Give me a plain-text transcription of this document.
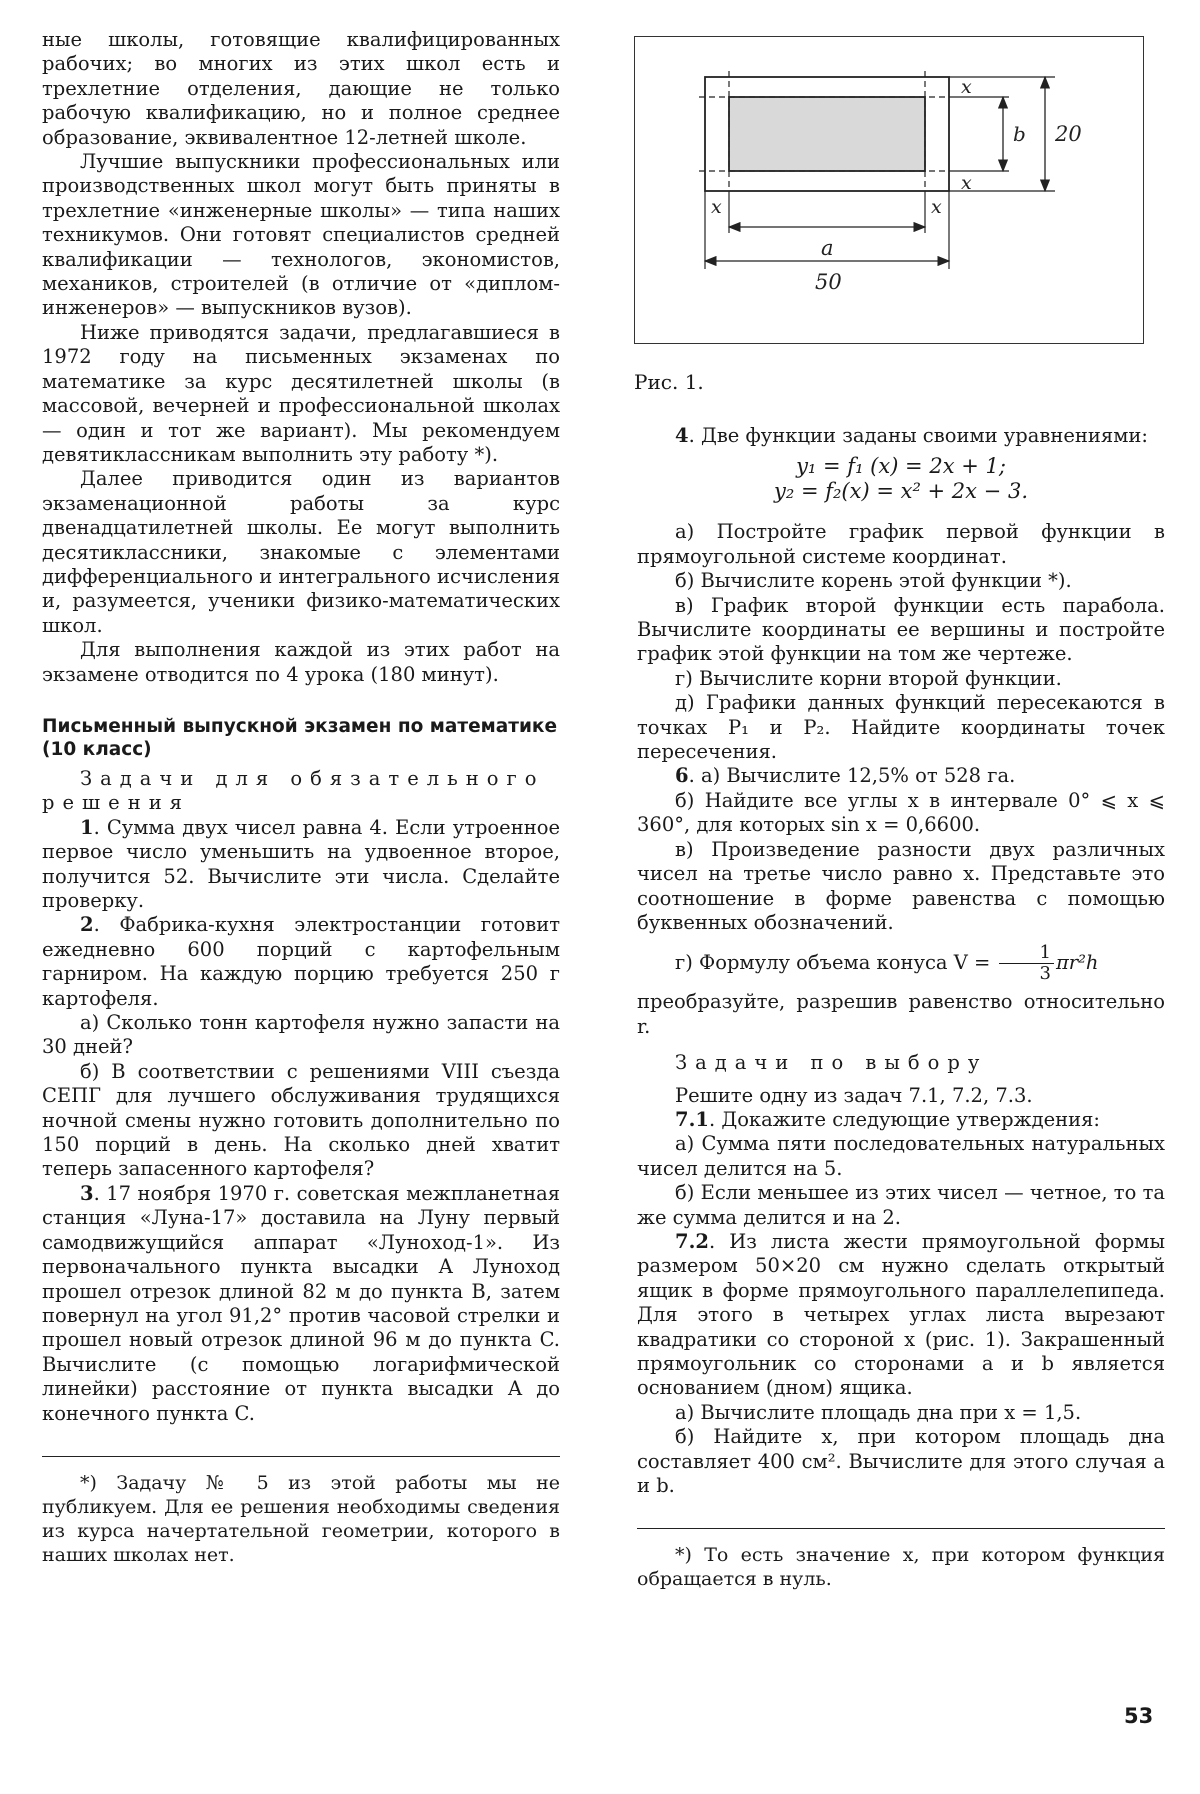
ные школы, готовящие квалифицированных рабочих; во многих из этих школ есть и трехлетние отделения, дающие не только рабочую квалификацию, но и полное среднее образование, эквивалентное 12-летней школе.

Лучшие выпускники профессиональных или производственных школ могут быть приняты в трехлетние «инженерные школы» — типа наших техникумов. Они готовят специалистов средней квалификации — технологов, экономистов, механиков, строителей (в отличие от «диплом-инженеров» — выпускников вузов).

Ниже приводятся задачи, предлагавшиеся в 1972 году на письменных экзаменах по математике за курс десятилетней школы (в массовой, вечерней и профессиональной школах — один и тот же вариант). Мы рекомендуем девятиклассникам выполнить эту работу *).

Далее приводится один из вариантов экзаменационной работы за курс двенадцатилетней школы. Ее могут выполнить десятиклассники, знакомые с элементами дифференциального и интегрального исчисления и, разумеется, ученики физико-математических школ.

Для выполнения каждой из этих работ на экзамене отводится по 4 урока (180 минут).

Письменный выпускной экзамен по математике (10 класс)

Задачи для обязательного решения

1. Сумма двух чисел равна 4. Если утроенное первое число уменьшить на удвоенное второе, получится 52. Вычислите эти числа. Сделайте проверку.

2. Фабрика-кухня электростанции готовит ежедневно 600 порций с картофельным гарниром. На каждую порцию требуется 250 г картофеля.

а) Сколько тонн картофеля нужно запасти на 30 дней?

б) В соответствии с решениями VIII съезда СЕПГ для лучшего обслуживания трудящихся ночной смены нужно готовить дополнительно по 150 порций в день. На сколько дней хватит теперь запасенного картофеля?

3. 17 ноября 1970 г. советская межпланетная станция «Луна-17» доставила на Луну первый самодвижущийся аппарат «Луноход-1». Из первоначального пункта высадки A Луноход прошел отрезок длиной 82 м до пункта B, затем повернул на угол 91,2° против часовой стрелки и прошел новый отрезок длиной 96 м до пункта C. Вычислите (с помощью логарифмической линейки) расстояние от пункта высадки A до конечного пункта C.

*) Задачу № 5 из этой работы мы не публикуем. Для ее решения необходимы сведения из курса начертательной геометрии, которого в наших школах нет.

x
x
b 20
x	x
a
50
Рис. 1.

4. Две функции заданы своими уравнениями:

y₁ = f₁ (x) = 2x + 1;

y₂ = f₂(x) = x² + 2x − 3.

а) Постройте график первой функции в прямоугольной системе координат.

б) Вычислите корень этой функции *).

в) График второй функции есть парабола. Вычислите координаты ее вершины и постройте график этой функции на том же чертеже.

г) Вычислите корни второй функции.

д) Графики данных функций пересекаются в точках P₁ и P₂. Найдите координаты точек пересечения.

6. а) Вычислите 12,5% от 528 га.

б) Найдите все углы x в интервале 0° ⩽ x ⩽ 360°, для которых sin x = 0,6600.

в) Произведение разности двух различных чисел на третье число равно x. Представьте это соотношение в форме равенства с помощью буквенных обозначений.

г) Формулу объема конуса $V = \frac{1}{3} \pi r^2h$

преобразуйте, разрешив равенство относительно r.

Задачи по выбору

Решите одну из задач 7.1, 7.2, 7.3.

7.1. Докажите следующие утверждения:

а) Сумма пяти последовательных натуральных чисел делится на 5.

б) Если меньшее из этих чисел — четное, то та же сумма делится и на 2.

7.2. Из листа жести прямоугольной формы размером 50×20 см нужно сделать открытый ящик в форме прямоугольного параллелепипеда. Для этого в четырех углах листа вырезают квадратики со стороной x (рис. 1). Закрашенный прямоугольник со сторонами a и b является основанием (дном) ящика.

а) Вычислите площадь дна при x = 1,5.

б) Найдите x, при котором площадь дна составляет 400 см². Вычислите для этого случая a и b.

*) То есть значение x, при котором функция обращается в нуль.

53
